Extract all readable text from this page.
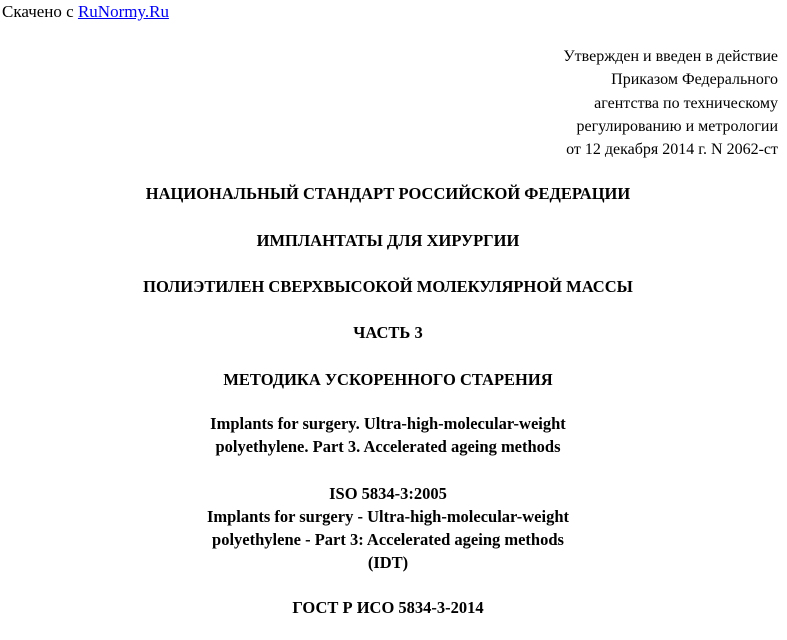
Скачено с RuNormy.Ru
Утвержден и введен в действие
Приказом Федерального
агентства по техническому
регулированию и метрологии
от 12 декабря 2014 г. N 2062-ст
НАЦИОНАЛЬНЫЙ СТАНДАРТ РОССИЙСКОЙ ФЕДЕРАЦИИ
ИМПЛАНТАТЫ ДЛЯ ХИРУРГИИ
ПОЛИЭТИЛЕН СВЕРХВЫСОКОЙ МОЛЕКУЛЯРНОЙ МАССЫ
ЧАСТЬ 3
МЕТОДИКА УСКОРЕННОГО СТАРЕНИЯ
Implants for surgery. Ultra-high-molecular-weight
polyethylene. Part 3. Accelerated ageing methods
ISO 5834-3:2005
Implants for surgery - Ultra-high-molecular-weight
polyethylene - Part 3: Accelerated ageing methods
(IDT)
ГОСТ Р ИСО 5834-3-2014
